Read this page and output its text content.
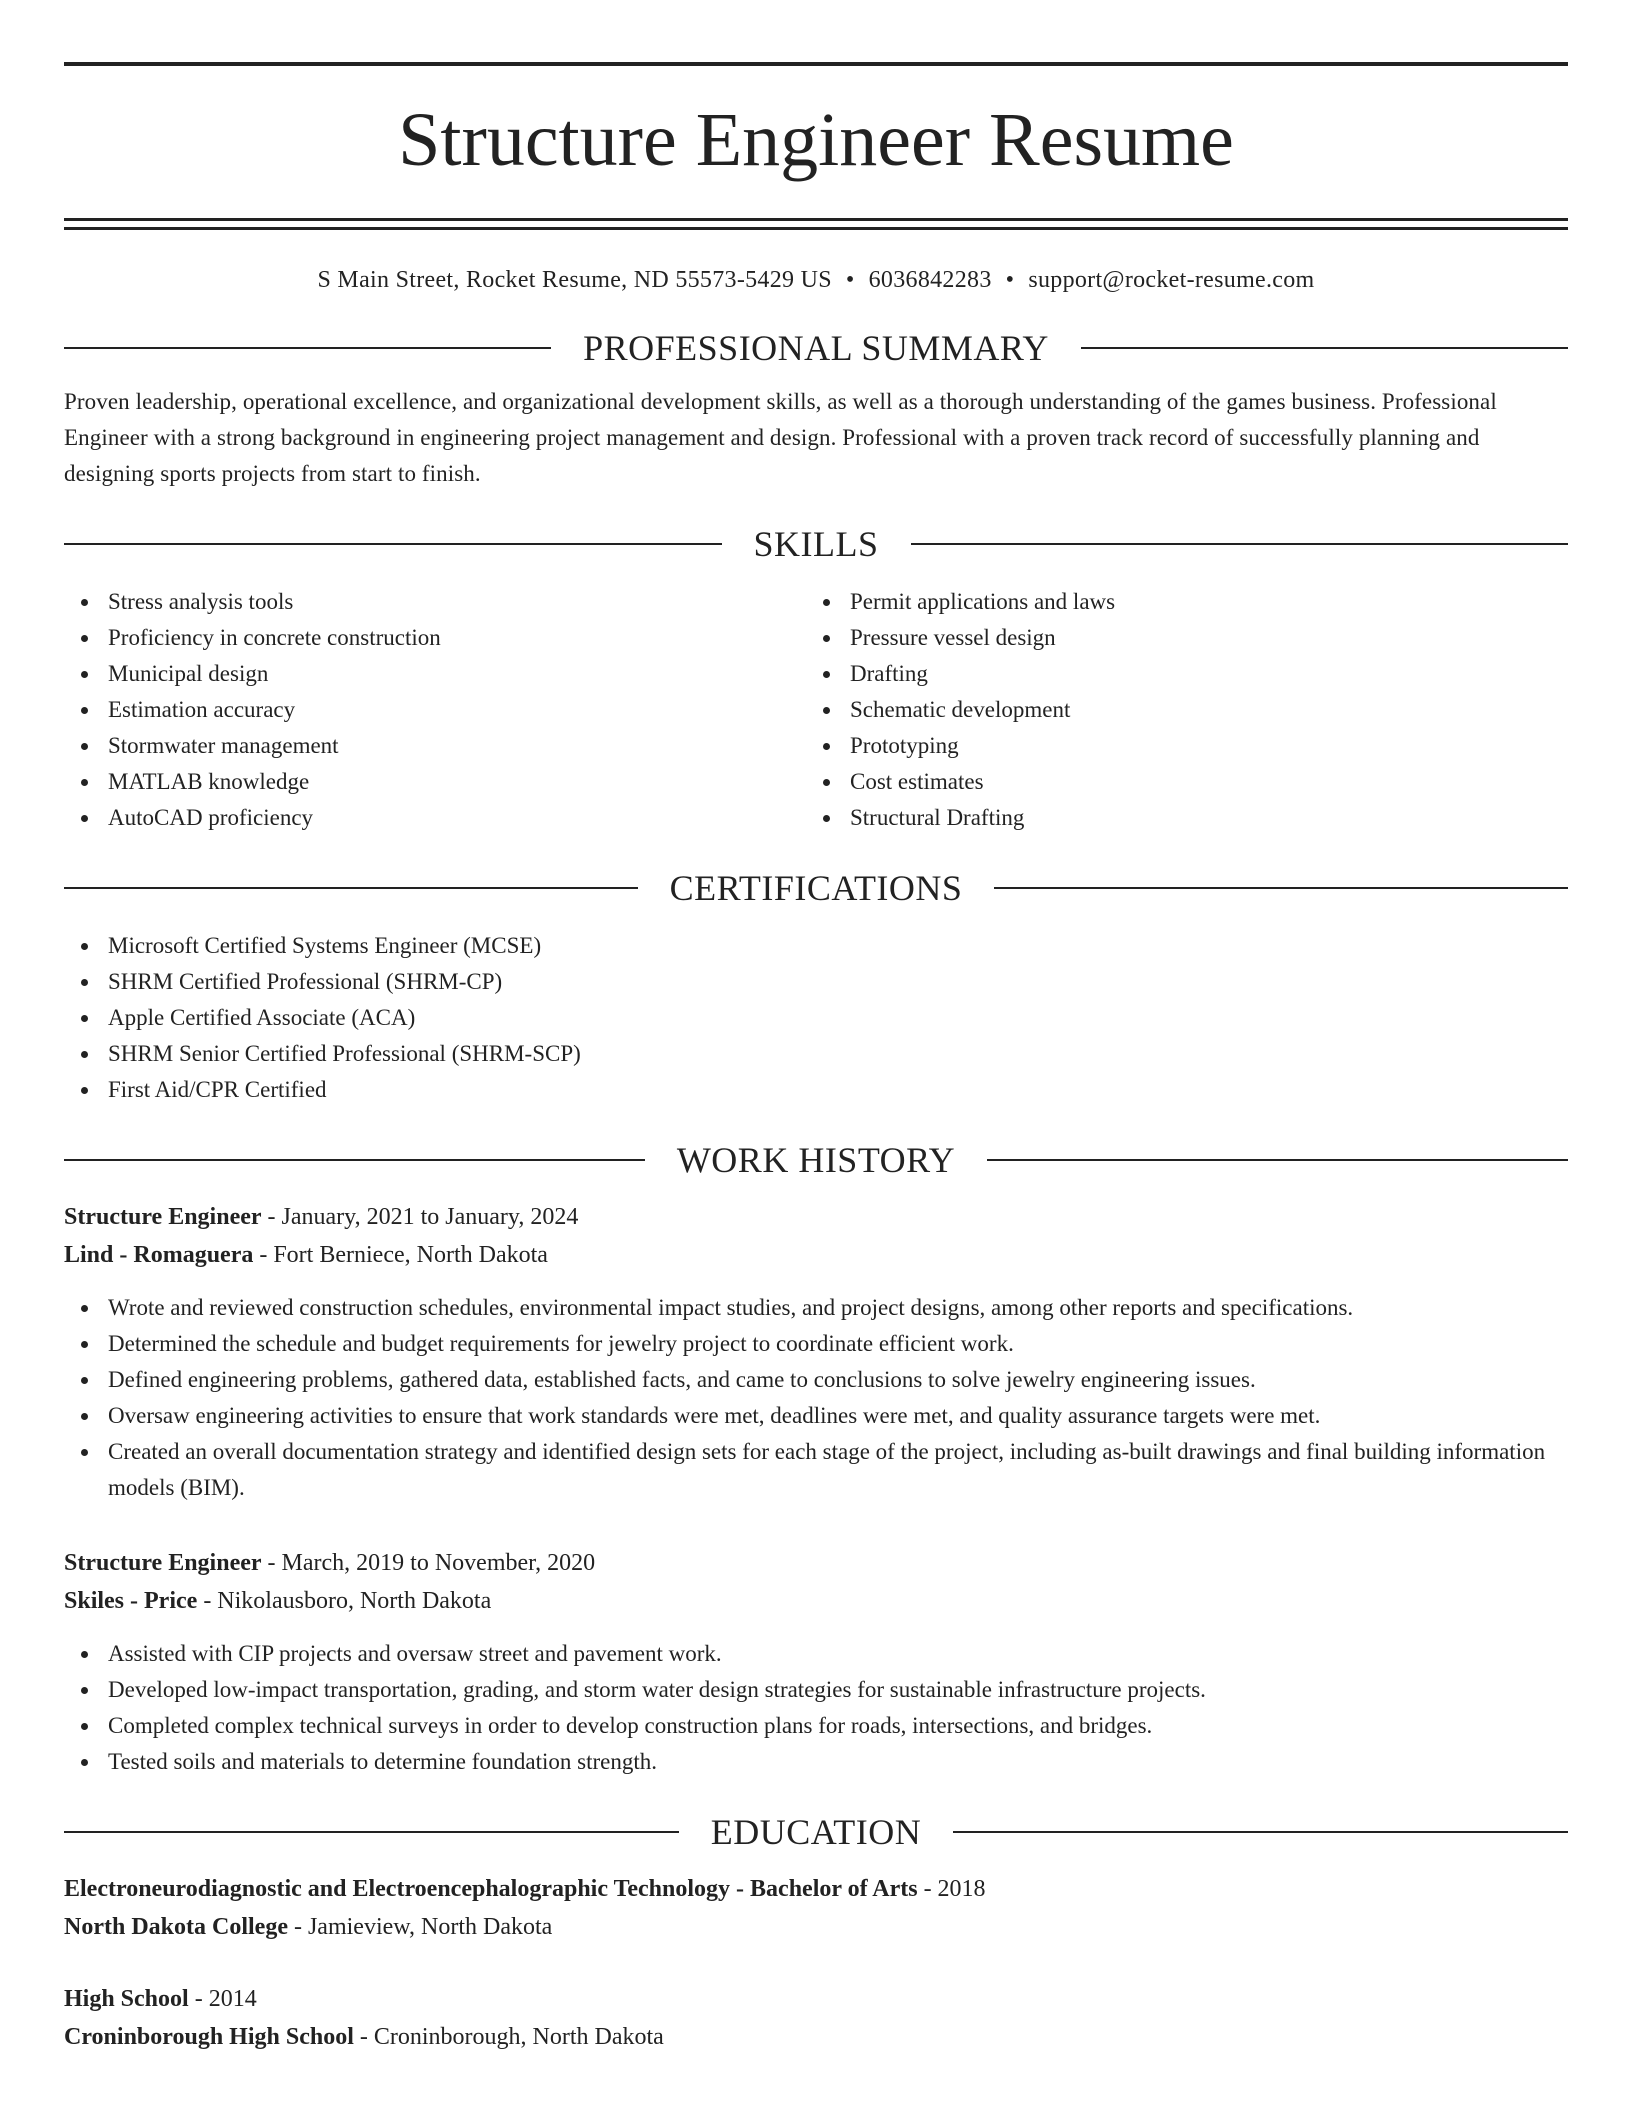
Structure Engineer Resume
S Main Street, Rocket Resume, ND 55573-5429 US • 6036842283 • support@rocket-resume.com
PROFESSIONAL SUMMARY

Proven leadership, operational excellence, and organizational development skills, as well as a thorough understanding of the games business. Professional Engineer with a strong background in engineering project management and design. Professional with a proven track record of successfully planning and designing sports projects from start to finish.

SKILLS
Stress analysis tools
Proficiency in concrete construction
Municipal design
Estimation accuracy
Stormwater management
MATLAB knowledge
AutoCAD proficiency
Permit applications and laws
Pressure vessel design
Drafting
Schematic development
Prototyping
Cost estimates
Structural Drafting
CERTIFICATIONS
Microsoft Certified Systems Engineer (MCSE)
SHRM Certified Professional (SHRM-CP)
Apple Certified Associate (ACA)
SHRM Senior Certified Professional (SHRM-SCP)
First Aid/CPR Certified
WORK HISTORY
Structure Engineer - January, 2021 to January, 2024
Lind - Romaguera - Fort Berniece, North Dakota
Wrote and reviewed construction schedules, environmental impact studies, and project designs, among other reports and specifications.
Determined the schedule and budget requirements for jewelry project to coordinate efficient work.
Defined engineering problems, gathered data, established facts, and came to conclusions to solve jewelry engineering issues.
Oversaw engineering activities to ensure that work standards were met, deadlines were met, and quality assurance targets were met.
Created an overall documentation strategy and identified design sets for each stage of the project, including as-built drawings and final building information models (BIM).
Structure Engineer - March, 2019 to November, 2020
Skiles - Price - Nikolausboro, North Dakota
Assisted with CIP projects and oversaw street and pavement work.
Developed low-impact transportation, grading, and storm water design strategies for sustainable infrastructure projects.
Completed complex technical surveys in order to develop construction plans for roads, intersections, and bridges.
Tested soils and materials to determine foundation strength.
EDUCATION
Electroneurodiagnostic and Electroencephalographic Technology - Bachelor of Arts - 2018
North Dakota College - Jamieview, North Dakota
High School - 2014
Croninborough High School - Croninborough, North Dakota
